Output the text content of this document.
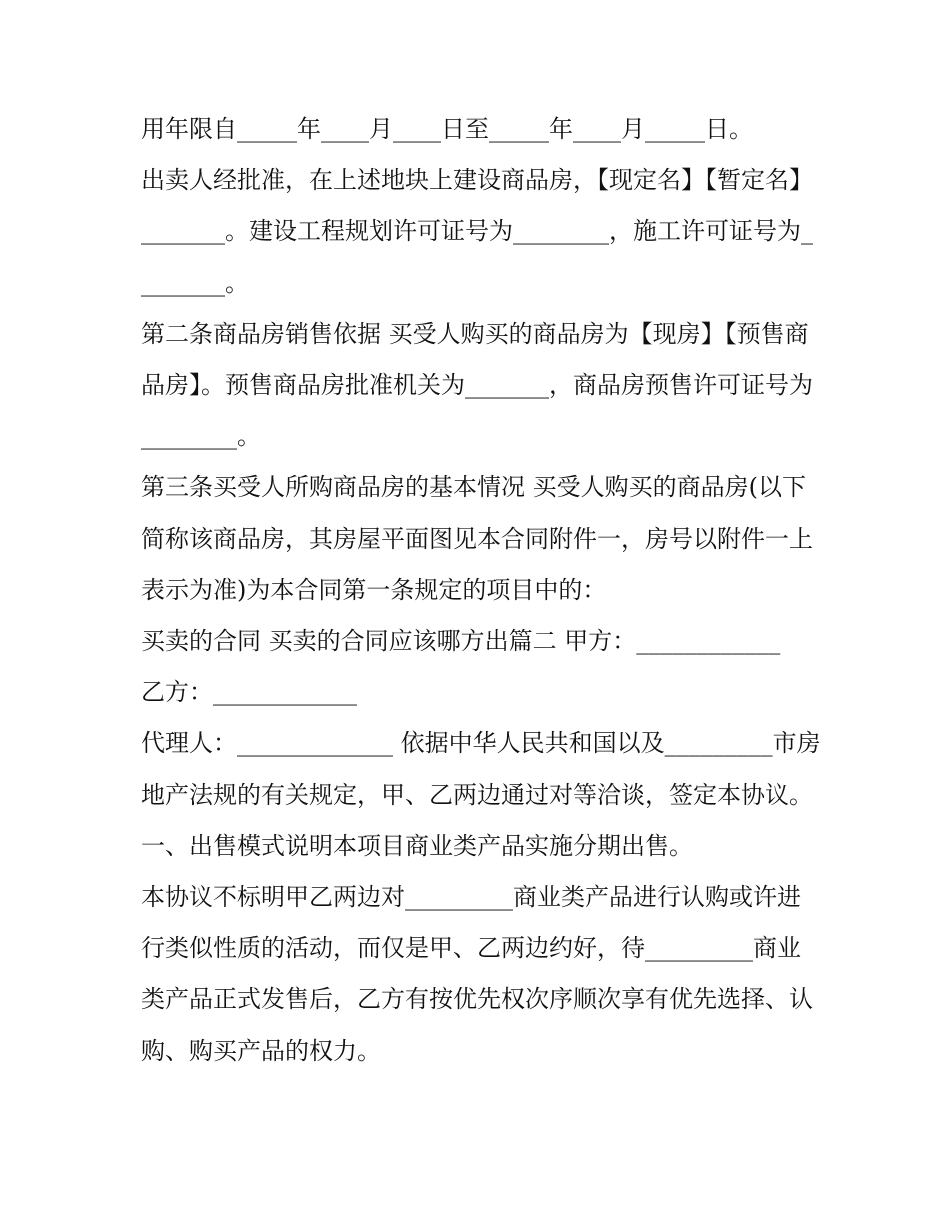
用年限自_____年____月____日至_____年____月_____日。

出卖人经批准，在上述地块上建设商品房，【现定名】【暂定名】_______。建设工程规划许可证号为________，施工许可证号为________。

第二条商品房销售依据 买受人购买的商品房为【现房】【预售商品房】。预售商品房批准机关为_______，商品房预售许可证号为________。

第三条买受人所购商品房的基本情况 买受人购买的商品房(以下简称该商品房，其房屋平面图见本合同附件一，房号以附件一上表示为准)为本合同第一条规定的项目中的：

买卖的合同 买卖的合同应该哪方出篇二 甲方：____________

乙方：____________

代理人：_____________ 依据中华人民共和国以及_________市房地产法规的有关规定，甲、乙两边通过对等洽谈，签定本协议。

一、出售模式说明本项目商业类产品实施分期出售。

本协议不标明甲乙两边对_________商业类产品进行认购或许进行类似性质的活动，而仅是甲、乙两边约好，待_________商业类产品正式发售后，乙方有按优先权次序顺次享有优先选择、认购、购买产品的权力。
